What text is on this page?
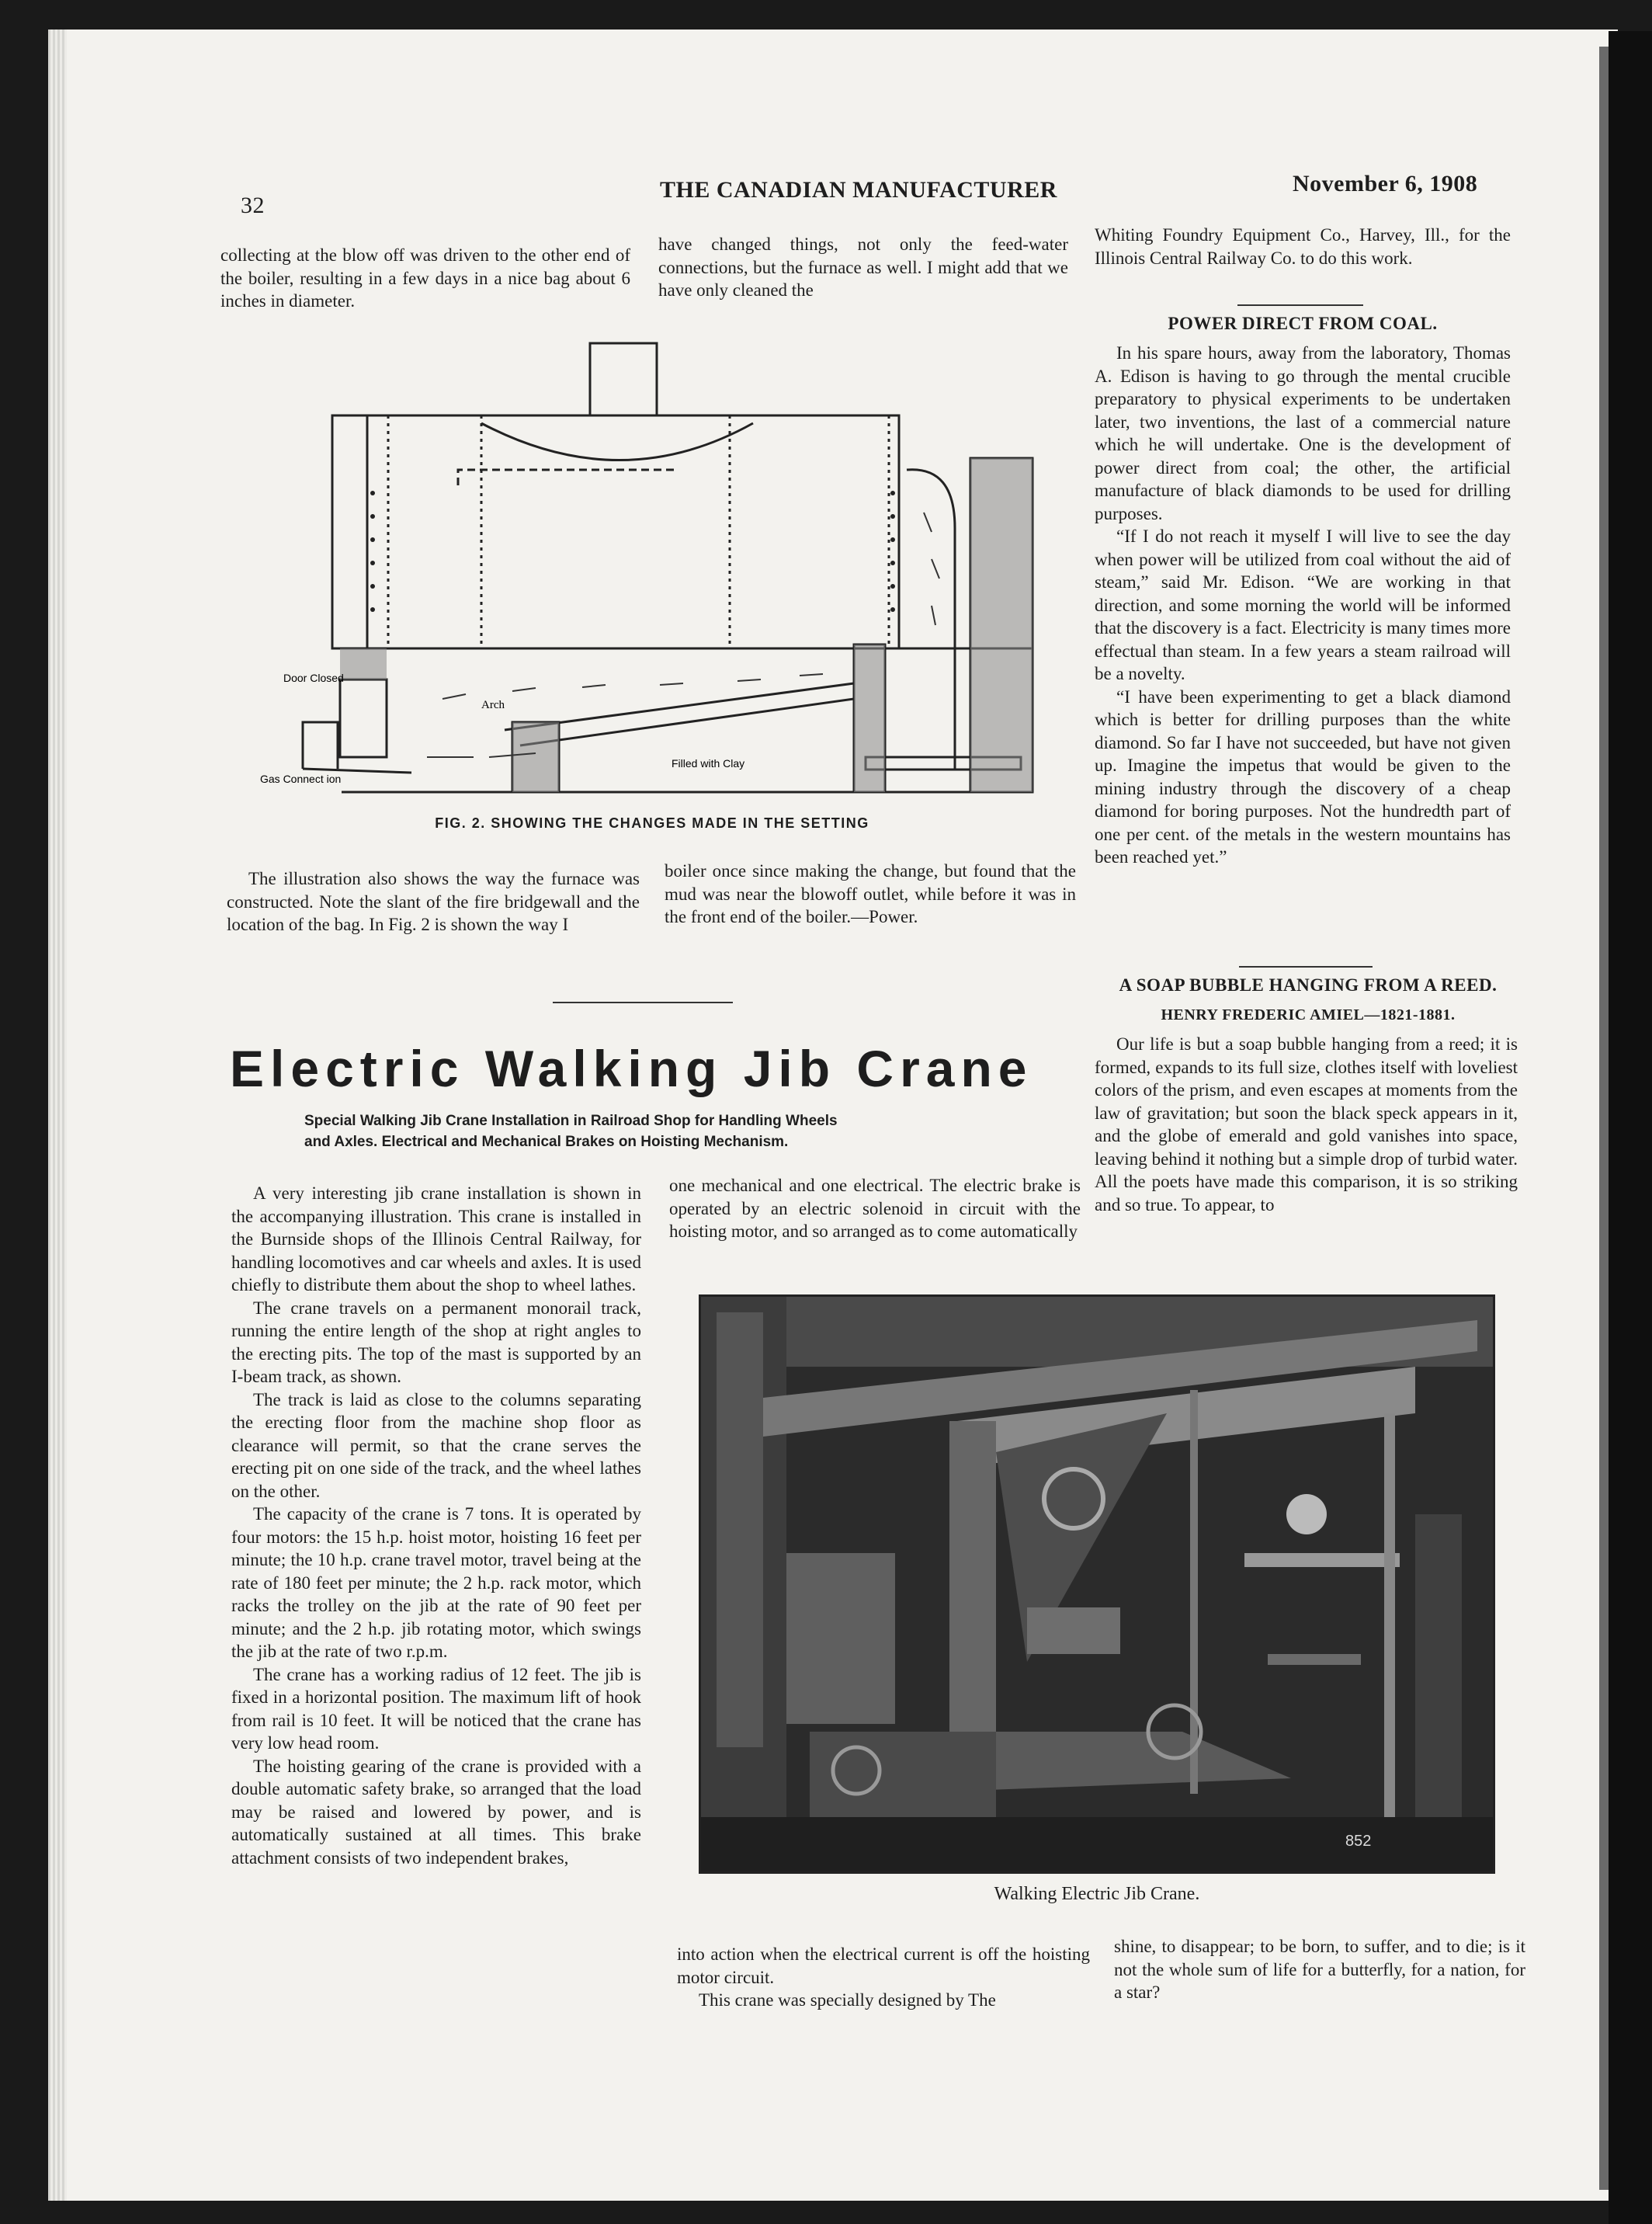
32
THE CANADIAN MANUFACTURER	November 6, 1908

collecting at the blow off was driven to the other end of the boiler, resulting in a few days in a nice bag about 6 inches in diameter.

have changed things, not only the feed-water connections, but the furnace as well. I might add that we have only cleaned the

Door Closed
Gas Connect ion
Arch
Filled with Clay
FIG. 2. SHOWING THE CHANGES MADE IN THE SETTING

The illustration also shows the way the furnace was constructed. Note the slant of the fire bridgewall and the location of the bag. In Fig. 2 is shown the way I

boiler once since making the change, but found that the mud was near the blowoff outlet, while before it was in the front end of the boiler.—Power.

Whiting Foundry Equipment Co., Harvey, Ill., for the Illinois Central Railway Co. to do this work.

POWER DIRECT FROM COAL.

In his spare hours, away from the laboratory, Thomas A. Edison is having to go through the mental crucible preparatory to physical experiments to be undertaken later, two inventions, the last of a commercial nature which he will undertake. One is the development of power direct from coal; the other, the artificial manufacture of black diamonds to be used for drilling purposes.

“If I do not reach it myself I will live to see the day when power will be utilized from coal without the aid of steam,” said Mr. Edison. “We are working in that direction, and some morning the world will be informed that the discovery is a fact. Electricity is many times more effectual than steam. In a few years a steam railroad will be a novelty.

“I have been experimenting to get a black diamond which is better for drilling purposes than the white diamond. So far I have not succeeded, but have not given up. Imagine the impetus that would be given to the mining industry through the discovery of a cheap diamond for boring purposes. Not the hundredth part of one per cent. of the metals in the western mountains has been reached yet.”

A SOAP BUBBLE HANGING FROM A REED.
HENRY FREDERIC AMIEL—1821-1881.

Our life is but a soap bubble hanging from a reed; it is formed, expands to its full size, clothes itself with loveliest colors of the prism, and even escapes at moments from the law of gravitation; but soon the black speck appears in it, and the globe of emerald and gold vanishes into space, leaving behind it nothing but a simple drop of turbid water. All the poets have made this comparison, it is so striking and so true. To appear, to

Electric Walking Jib Crane
Special Walking Jib Crane Installation in Railroad Shop for Handling Wheels
and Axles. Electrical and Mechanical Brakes on Hoisting Mechanism.

A very interesting jib crane installation is shown in the accompanying illustration. This crane is installed in the Burnside shops of the Illinois Central Railway, for handling locomotives and car wheels and axles. It is used chiefly to distribute them about the shop to wheel lathes.

The crane travels on a permanent monorail track, running the entire length of the shop at right angles to the erecting pits. The top of the mast is supported by an I-beam track, as shown.

The track is laid as close to the columns separating the erecting floor from the machine shop floor as clearance will permit, so that the crane serves the erecting pit on one side of the track, and the wheel lathes on the other.

The capacity of the crane is 7 tons. It is operated by four motors: the 15 h.p. hoist motor, hoisting 16 feet per minute; the 10 h.p. crane travel motor, travel being at the rate of 180 feet per minute; the 2 h.p. rack motor, which racks the trolley on the jib at the rate of 90 feet per minute; and the 2 h.p. jib rotating motor, which swings the jib at the rate of two r.p.m.

The crane has a working radius of 12 feet. The jib is fixed in a horizontal position. The maximum lift of hook from rail is 10 feet. It will be noticed that the crane has very low head room.

The hoisting gearing of the crane is provided with a double automatic safety brake, so arranged that the load may be raised and lowered by power, and is automatically sustained at all times. This brake attachment consists of two independent brakes,

one mechanical and one electrical. The electric brake is operated by an electric solenoid in circuit with the hoisting motor, and so arranged as to come automatically

852
Walking Electric Jib Crane.

into action when the electrical current is off the hoisting motor circuit.

This crane was specially designed by The

shine, to disappear; to be born, to suffer, and to die; is it not the whole sum of life for a butterfly, for a nation, for a star?
